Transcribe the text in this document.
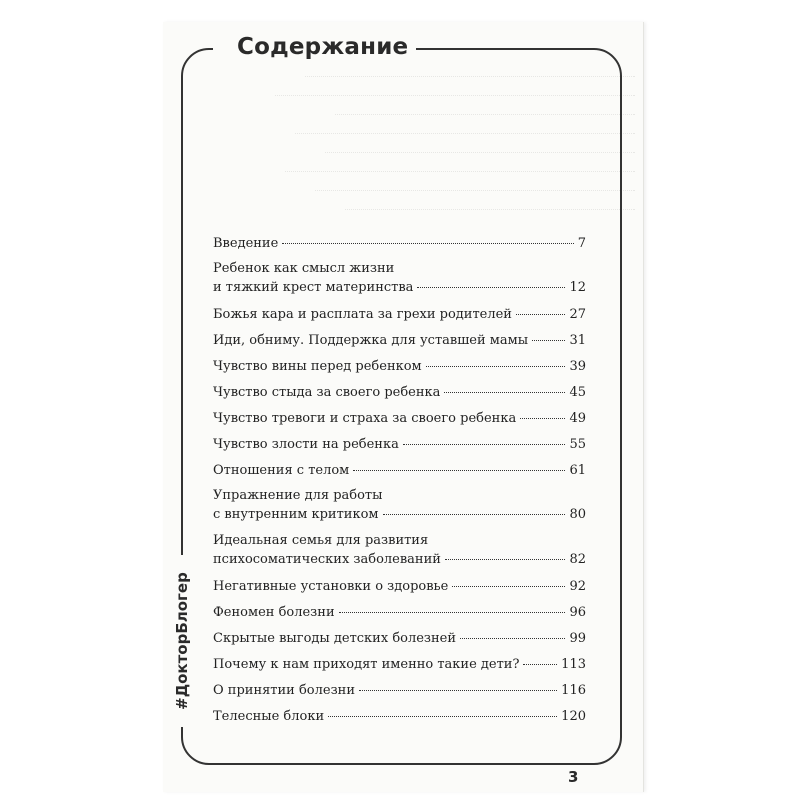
Содержание
#ДокторБлогер
Введение	7
Ребенок как смысл жизни
и тяжкий крест материнства	12
Божья кара и расплата за грехи родителей	27
Иди, обниму. Поддержка для уставшей мамы	31
Чувство вины перед ребенком	39
Чувство стыда за своего ребенка	45
Чувство тревоги и страха за своего ребенка	49
Чувство злости на ребенка	55
Отношения с телом	61
Упражнение для работы
с внутренним критиком	80
Идеальная семья для развития
психосоматических заболеваний	82
Негативные установки о здоровье	92
Феномен болезни	96
Скрытые выгоды детских болезней	99
Почему к нам приходят именно такие дети?	113
О принятии болезни	116
Телесные блоки	120
3
